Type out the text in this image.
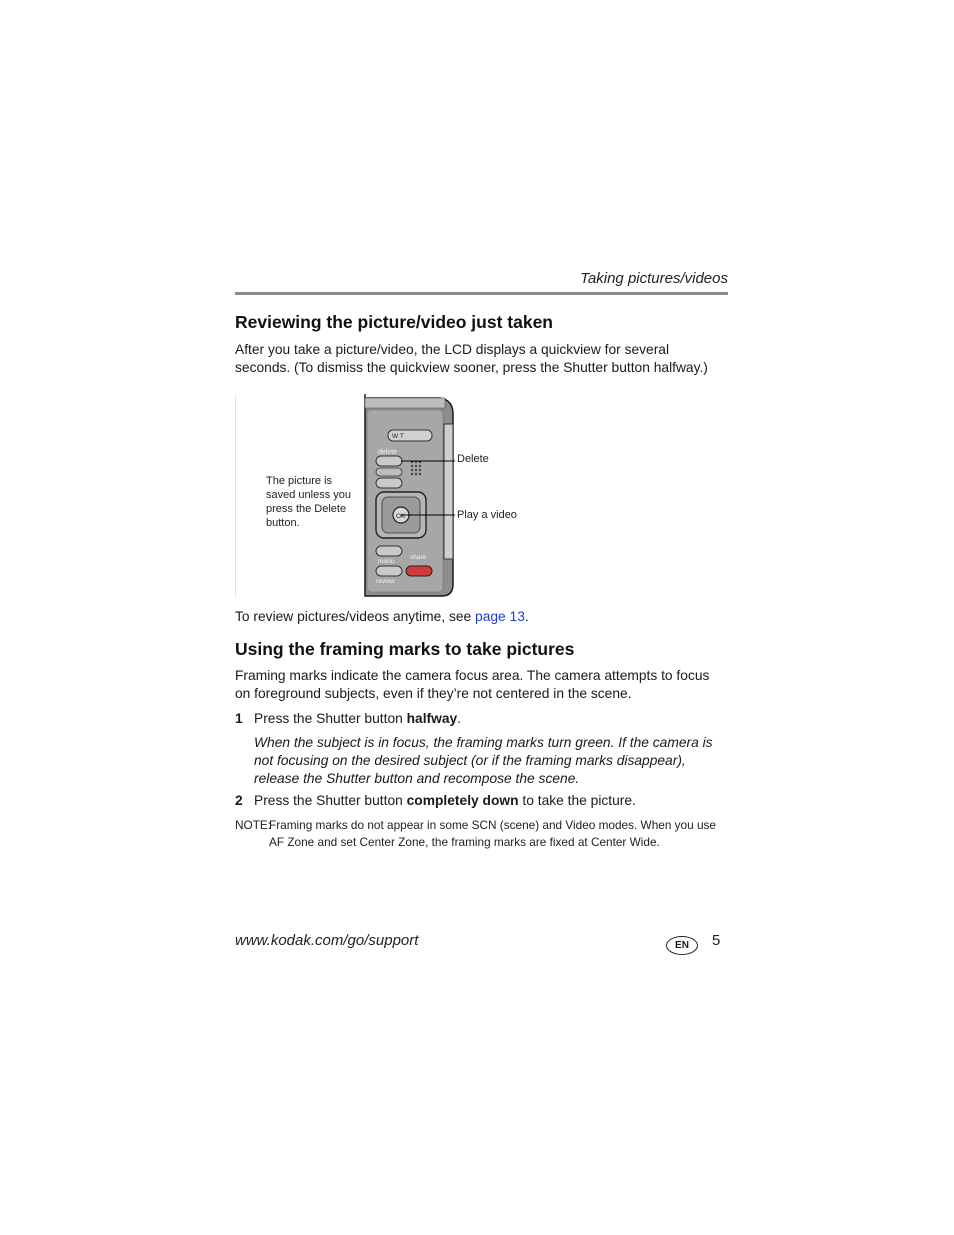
Taking pictures/videos
Reviewing the picture/video just taken
After you take a picture/video, the LCD displays a quickview for several seconds. (To dismiss the quickview sooner, press the Shutter button halfway.)
The picture is saved unless you press the Delete button.
W T
delete
OK
menu
share
review
Delete
Play a video
To review pictures/videos anytime, see page 13.
Using the framing marks to take pictures
Framing marks indicate the camera focus area. The camera attempts to focus on foreground subjects, even if they’re not centered in the scene.
1 Press the Shutter button halfway.
When the subject is in focus, the framing marks turn green. If the camera is not focusing on the desired subject (or if the framing marks disappear), release the Shutter button and recompose the scene.
2 Press the Shutter button completely down to take the picture.
NOTE:
Framing marks do not appear in some SCN (scene) and Video modes. When you use AF Zone and set Center Zone, the framing marks are fixed at Center Wide.
www.kodak.com/go/support	EN	5
